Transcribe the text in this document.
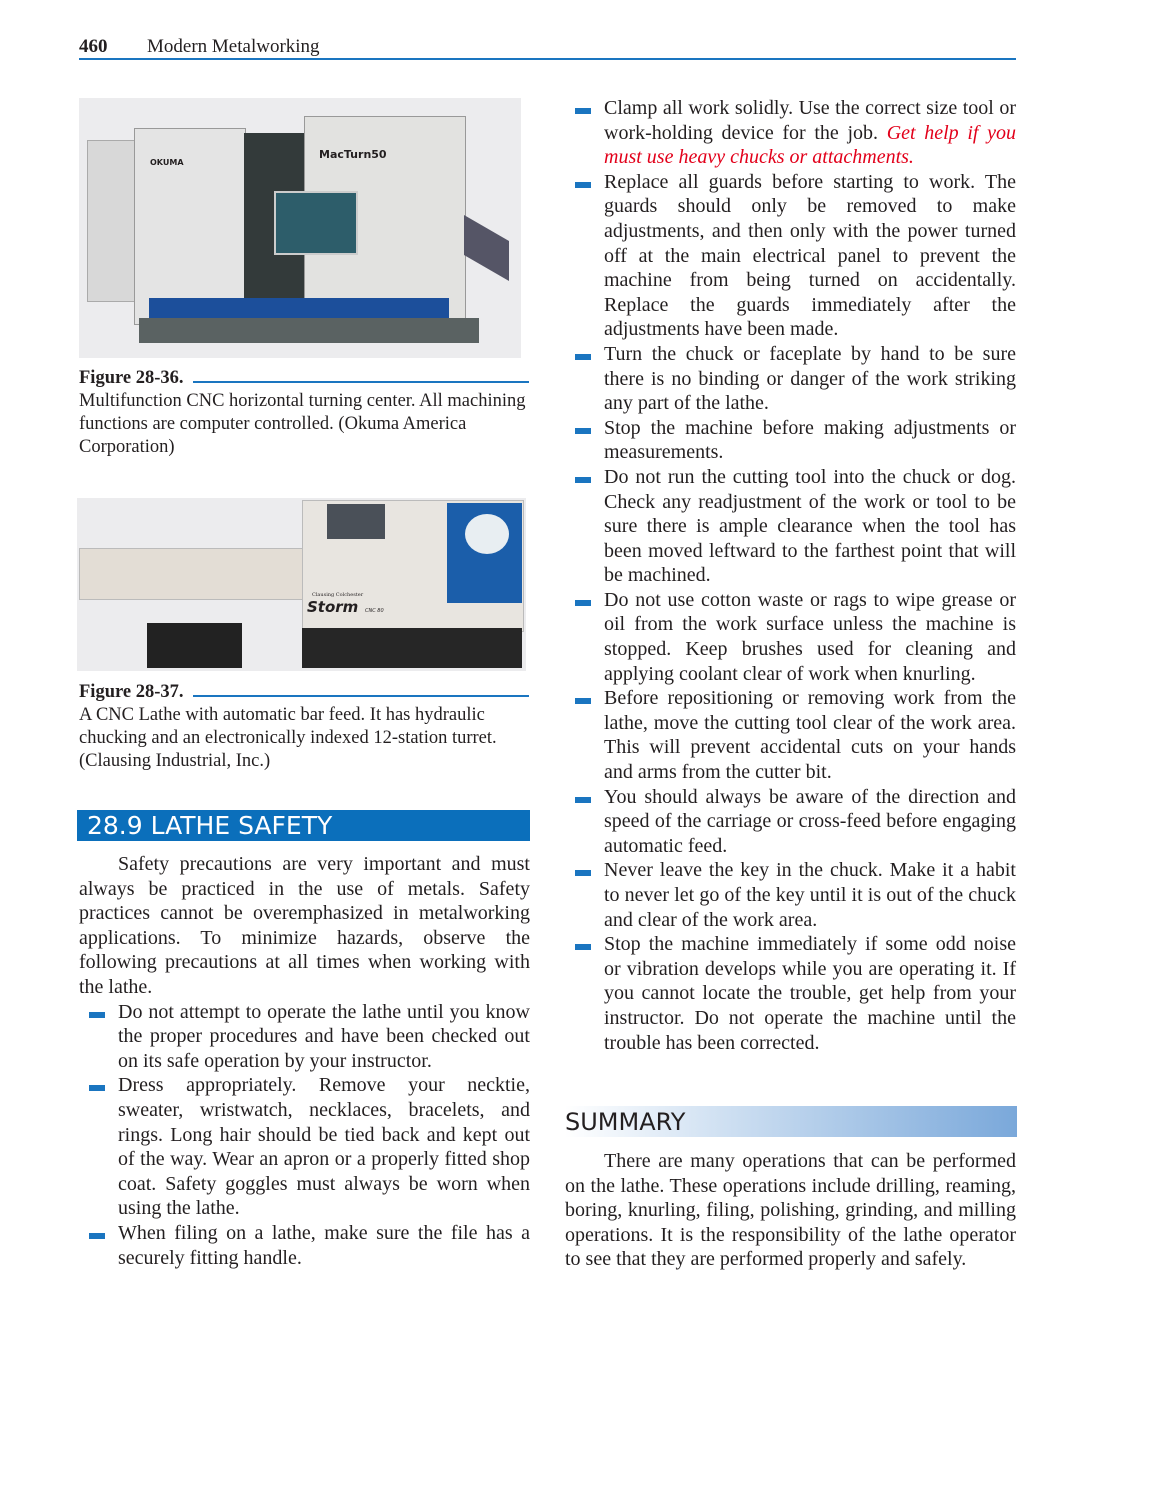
460 Modern Metalworking
OKUMA
MacTurn50
Figure 28-36.
Multifunction CNC horizontal turning center. All machining functions are computer controlled. (Okuma America Corporation)
Clausing Colchester
Storm CNC 80
Figure 28-37.
A CNC Lathe with automatic bar feed. It has hydraulic chucking and an electronically indexed 12-station turret. (Clausing Industrial, Inc.)
28.9 LATHE SAFETY

Safety precautions are very important and must always be practiced in the use of metals. Safety practices cannot be overemphasized in metalworking applications. To minimize hazards, observe the following precautions at all times when working with the lathe.

Do not attempt to operate the lathe until you know the proper procedures and have been checked out on its safe operation by your instructor.

Dress appropriately. Remove your necktie, sweater, wristwatch, necklaces, bracelets, and rings. Long hair should be tied back and kept out of the way. Wear an apron or a properly fitted shop coat. Safety goggles must always be worn when using the lathe.

When filing on a lathe, make sure the file has a securely fitting handle.

Clamp all work solidly. Use the correct size tool or work-holding device for the job. Get help if you must use heavy chucks or attachments.

Replace all guards before starting to work. The guards should only be removed to make adjustments, and then only with the power turned off at the main electrical panel to prevent the machine from being turned on accidentally. Replace the guards immediately after the adjustments have been made.

Turn the chuck or faceplate by hand to be sure there is no binding or danger of the work striking any part of the lathe.

Stop the machine before making adjustments or measurements.

Do not run the cutting tool into the chuck or dog. Check any readjustment of the work or tool to be sure there is ample clearance when the tool has been moved leftward to the farthest point that will be machined.

Do not use cotton waste or rags to wipe grease or oil from the work surface unless the machine is stopped. Keep brushes used for cleaning and applying coolant clear of work when knurling.

Before repositioning or removing work from the lathe, move the cutting tool clear of the work area. This will prevent accidental cuts on your hands and arms from the cutter bit.

You should always be aware of the direction and speed of the carriage or cross-feed before engaging automatic feed.

Never leave the key in the chuck. Make it a habit to never let go of the key until it is out of the chuck and clear of the work area.

Stop the machine immediately if some odd noise or vibration develops while you are operating it. If you cannot locate the trouble, get help from your instructor. Do not operate the machine until the trouble has been corrected.

SUMMARY

There are many operations that can be performed on the lathe. These operations include drilling, reaming, boring, knurling, filing, polishing, grinding, and milling operations. It is the responsibility of the lathe operator to see that they are performed properly and safely.
